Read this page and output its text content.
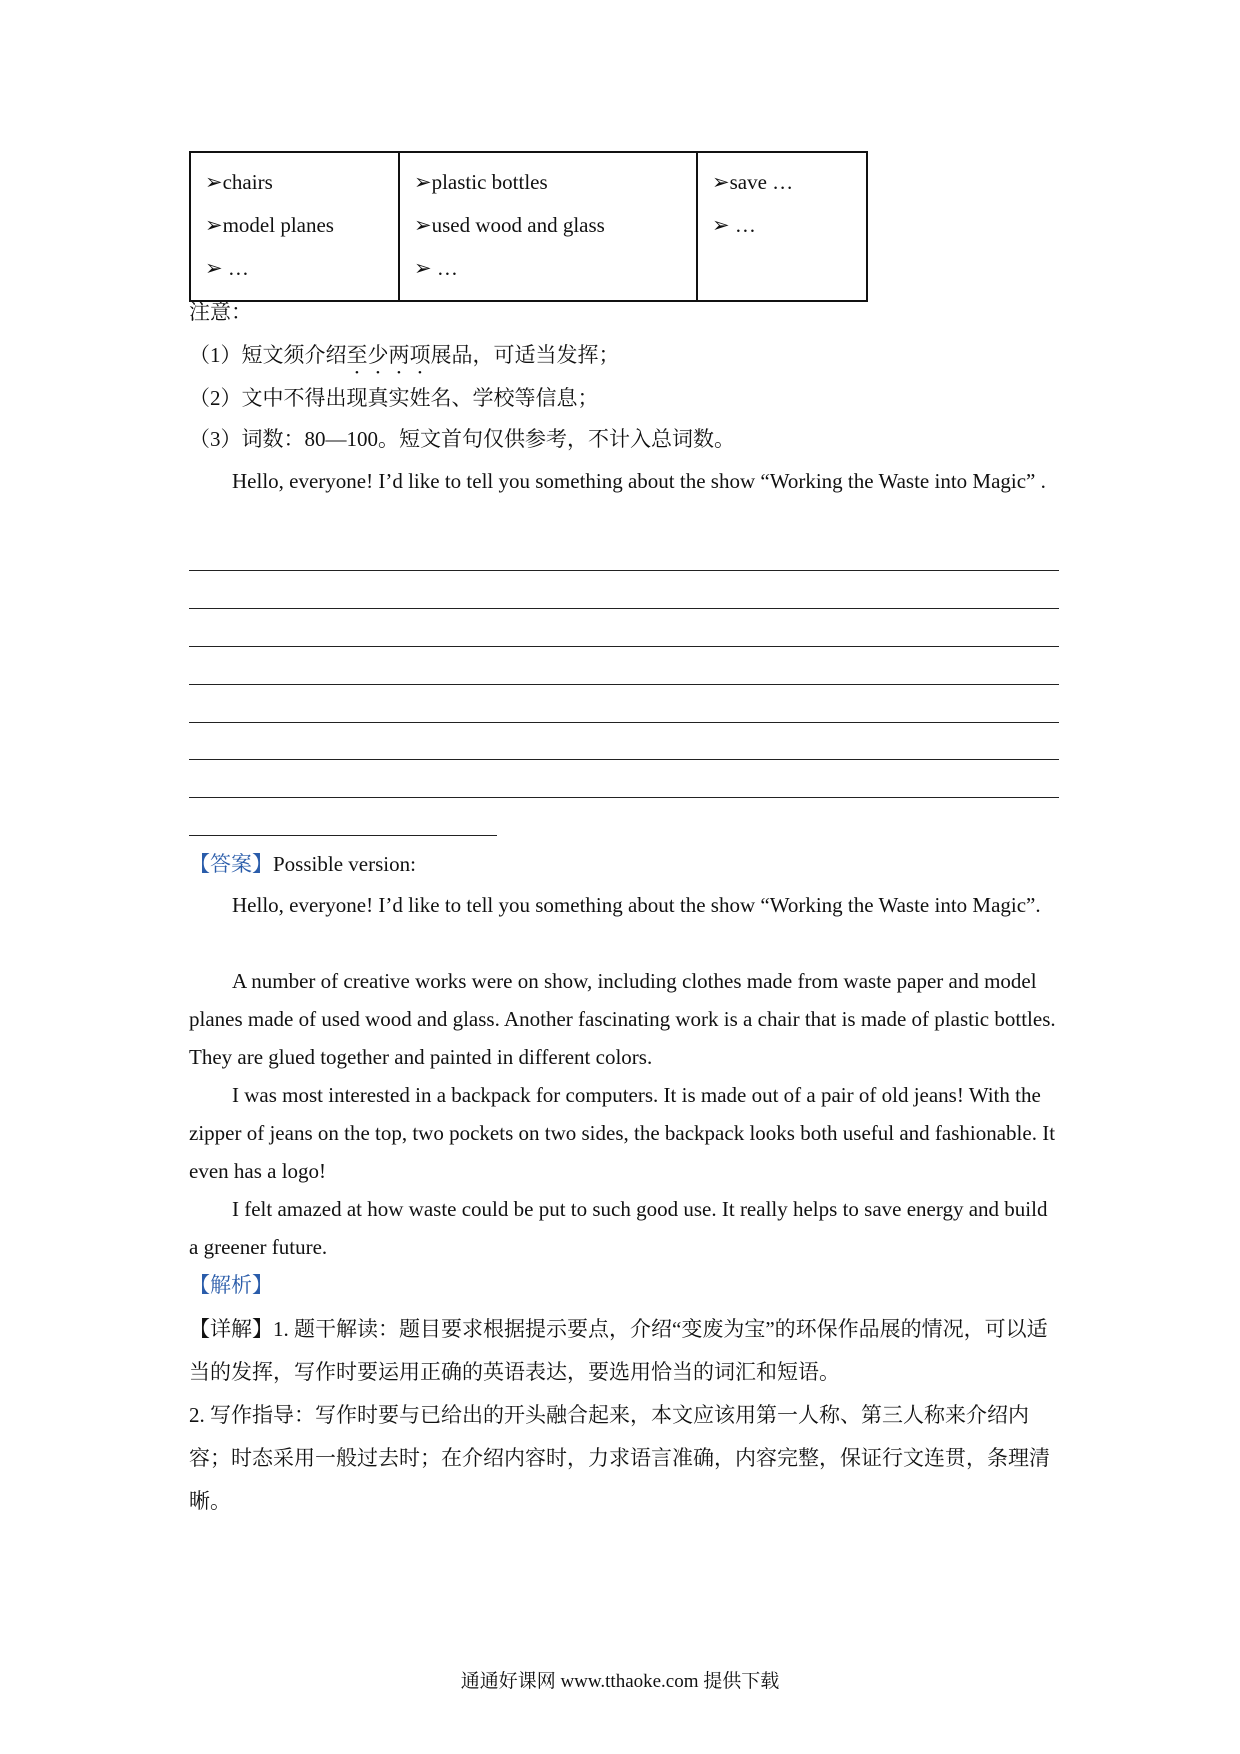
➢chairs
➢model planes
➢ …

➢plastic bottles
➢used wood and glass
➢ …

➢save …
➢ …
注意：
（1）短文须介绍至少两项展品，可适当发挥；
（2）文中不得出现真实姓名、学校等信息；
（3）词数：80—100。短文首句仅供参考，不计入总词数。
Hello, everyone! I’d like to tell you something about the show “Working the Waste into Magic” .
【答案】Possible version:
Hello, everyone! I’d like to tell you something about the show “Working the Waste into Magic”.
A number of creative works were on show, including clothes made from waste paper and model planes made of used wood and glass. Another fascinating work is a chair that is made of plastic bottles. They are glued together and painted in different colors.
I was most interested in a backpack for computers. It is made out of a pair of old jeans! With the zipper of jeans on the top, two pockets on two sides, the backpack looks both useful and fashionable. It even has a logo!
I felt amazed at how waste could be put to such good use. It really helps to save energy and build a greener future.
【解析】
【详解】1. 题干解读：题目要求根据提示要点，介绍“变废为宝”的环保作品展的情况，可以适当的发挥，写作时要运用正确的英语表达，要选用恰当的词汇和短语。
2. 写作指导：写作时要与已给出的开头融合起来，本文应该用第一人称、第三人称来介绍内容；时态采用一般过去时；在介绍内容时，力求语言准确，内容完整，保证行文连贯，条理清晰。
通通好课网 www.tthaoke.com 提供下载
